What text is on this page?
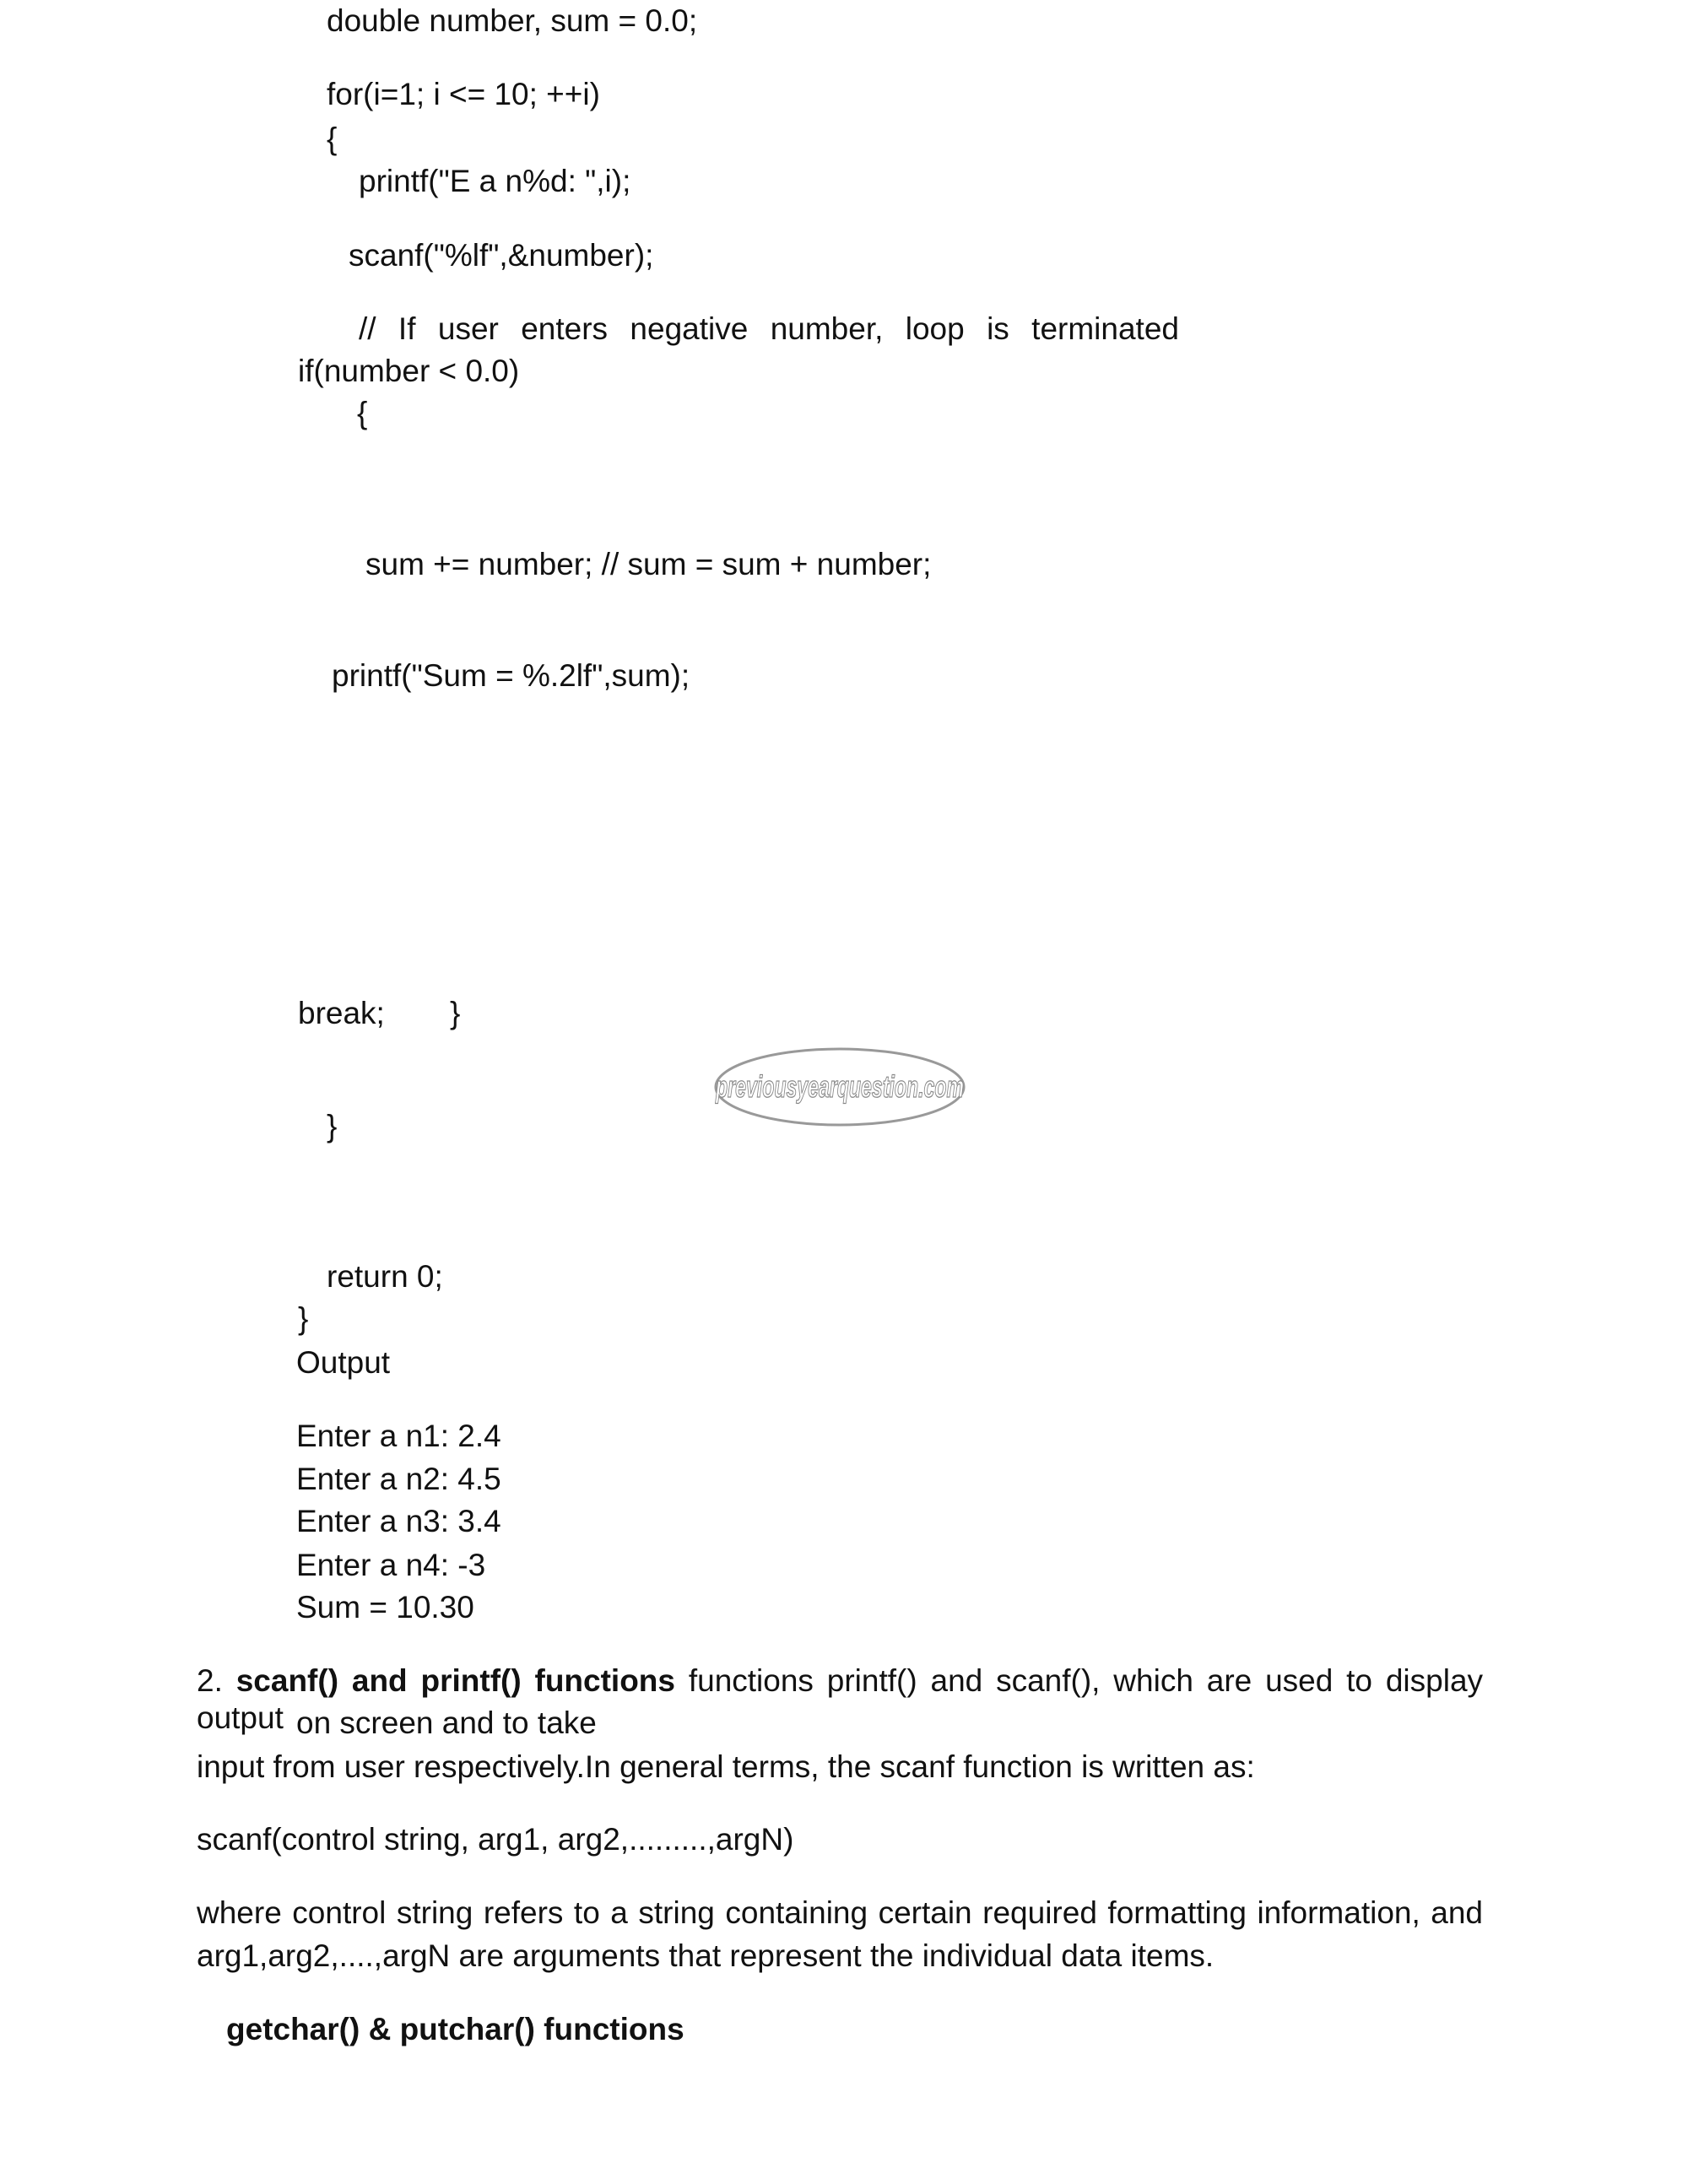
double number, sum = 0.0;
for(i=1; i <= 10; ++i)
{
printf("E a n%d: ",i);
scanf("%lf",&number);
// If user enters negative number, loop is terminated
if(number < 0.0)
{
sum += number; // sum = sum + number;
printf("Sum = %.2lf",sum);
break; }
}
return 0;
}
Output
Enter a n1: 2.4
Enter a n2: 4.5
Enter a n3: 3.4
Enter a n4: -3
Sum = 10.30
2. scanf() and printf() functions functions printf() and scanf(), which are used to display output on screen and to take
input from user respectively.In general terms, the scanf function is written as:
scanf(control string, arg1, arg2,.........,argN)
where control string refers to a string containing certain required formatting information, and
arg1,arg2,....,argN are arguments that represent the individual data items.
getchar() & putchar() functions
previousyearquestion.com
